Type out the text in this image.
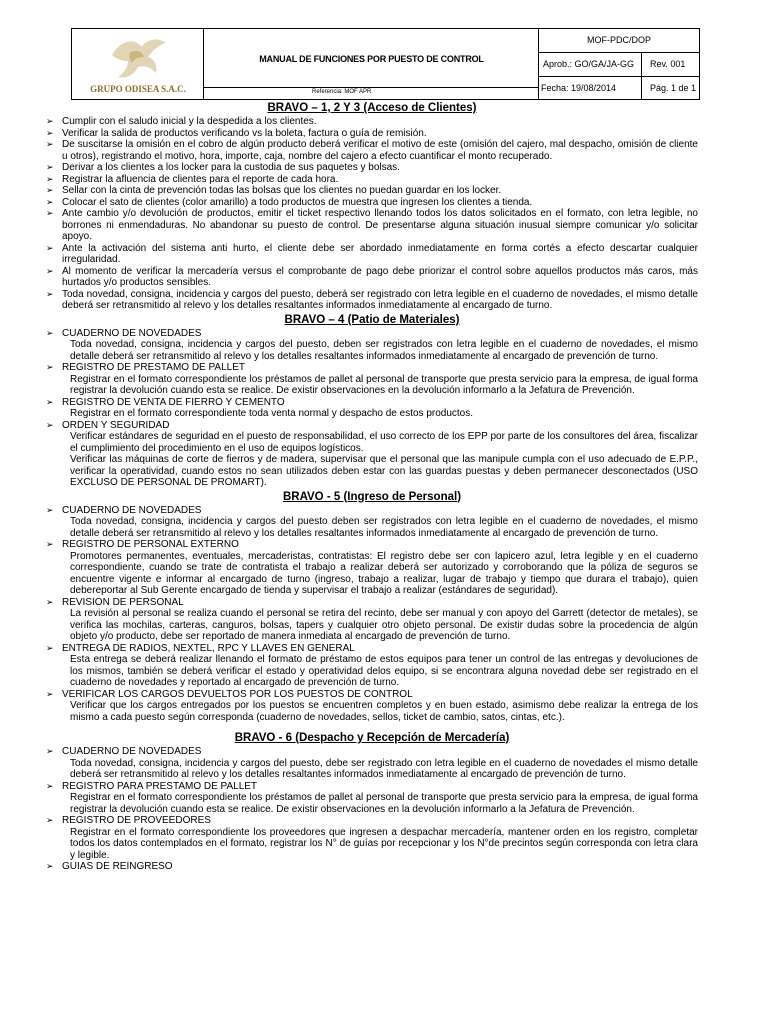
GRUPO ODISEA S.A.C.
MANUAL DE FUNCIONES POR PUESTO DE CONTROL
Referencia: MOF APR
MOF-PDC/DOP
Aprob.: GO/GA/JA-GG Rev. 001
Fecha: 19/08/2014	Pág. 1 de 1
BRAVO – 1, 2 Y 3 (Acceso de Clientes)
➢ Cumplir con el saludo inicial y la despedida a los clientes.
➢ Verificar la salida de productos verificando vs la boleta, factura o guía de remisión.
➢ De suscitarse la omisión en el cobro de algún producto deberá verificar el motivo de este (omisión del cajero, mal despacho, omisión de cliente u otros), registrando el motivo, hora, importe, caja, nombre del cajero a efecto cuantificar el monto recuperado.
➢ Derivar a los clientes a los locker para la custodia de sus paquetes y bolsas.
➢ Registrar la afluencia de clientes para el reporte de cada hora.
➢ Sellar con la cinta de prevención todas las bolsas que los clientes no puedan guardar en los locker.
➢ Colocar el sato de clientes (color amarillo) a todo productos de muestra que ingresen los clientes a tienda.
➢ Ante cambio y/o devolución de productos, emitir el ticket respectivo llenando todos los datos solicitados en el formato, con letra legible, no borrones ni enmendaduras. No abandonar su puesto de control. De presentarse alguna situación inusual siempre comunicar y/o solicitar apoyo.
➢ Ante la activación del sistema anti hurto, el cliente debe ser abordado inmediatamente en forma cortés a efecto descartar cualquier irregularidad.
➢ Al momento de verificar la mercadería versus el comprobante de pago debe priorizar el control sobre aquellos productos más caros, más hurtados y/o productos sensibles.
➢ Toda novedad, consigna, incidencia y cargos del puesto, deberá ser registrado con letra legible en el cuaderno de novedades, el mismo detalle deberá ser retransmitido al relevo y los detalles resaltantes informados inmediatamente al encargado de turno.
BRAVO – 4 (Patio de Materiales)
➢ CUADERNO DE NOVEDADES
Toda novedad, consigna, incidencia y cargos del puesto, deben ser registrados con letra legible en el cuaderno de novedades, el mismo detalle deberá ser retransmitido al relevo y los detalles resaltantes informados inmediatamente al encargado de prevención de turno.
➢ REGISTRO DE PRESTAMO DE PALLET
Registrar en el formato correspondiente los préstamos de pallet al personal de transporte que presta servicio para la empresa, de igual forma registrar la devolución cuando esta se realice. De existir observaciones en la devolución informarlo a la Jefatura de Prevención.
➢ REGISTRO DE VENTA DE FIERRO Y CEMENTO
Registrar en el formato correspondiente toda venta normal y despacho de estos productos.
➢ ORDEN Y SEGURIDAD
Verificar estándares de seguridad en el puesto de responsabilidad, el uso correcto de los EPP por parte de los consultores del área, fiscalizar el cumplimiento del procedimiento en el uso de equipos logísticos.
Verificar las máquinas de corte de fierros y de madera, supervisar que el personal que las manipule cumpla con el uso adecuado de E.P.P., verificar la operatividad, cuando estos no sean utilizados deben estar con las guardas puestas y deben permanecer desconectados (USO EXCLUSO DE PERSONAL DE PROMART).
BRAVO - 5 (Ingreso de Personal)
➢ CUADERNO DE NOVEDADES
Toda novedad, consigna, incidencia y cargos del puesto deben ser registrados con letra legible en el cuaderno de novedades, el mismo detalle deberá ser retransmitido al relevo y los detalles resaltantes informados inmediatamente al encargado de prevención de turno.
➢ REGISTRO DE PERSONAL EXTERNO
Promotores permanentes, eventuales, mercaderistas, contratistas: El registro debe ser con lapicero azul, letra legible y en el cuaderno correspondiente, cuando se trate de contratista el trabajo a realizar deberá ser autorizado y corroborando que la póliza de seguros se encuentre vigente e informar al encargado de turno (ingreso, trabajo a realizar, lugar de trabajo y tiempo que durara el trabajo), quien debereportar al Sub Gerente encargado de tienda y supervisar el trabajo a realizar (estándares de seguridad).
➢ REVISION DE PERSONAL
La revisión al personal se realiza cuando el personal se retira del recinto, debe ser manual y con apoyo del Garrett (detector de metales), se verifica las mochilas, carteras, canguros, bolsas, tapers y cualquier otro objeto personal. De existir dudas sobre la procedencia de algún objeto y/o producto, debe ser reportado de manera inmediata al encargado de prevención de turno.
➢ ENTREGA DE RADIOS, NEXTEL, RPC Y LLAVES EN GENERAL
Esta entrega se deberá realizar llenando el formato de préstamo de estos equipos para tener un control de las entregas y devoluciones de los mismos, también se deberá verificar el estado y operatividad delos equipo, si se encontrara alguna novedad debe ser registrado en el cuaderno de novedades y reportado al encargado de prevención de turno.
➢ VERIFICAR LOS CARGOS DEVUELTOS POR LOS PUESTOS DE CONTROL
Verificar que los cargos entregados por los puestos se encuentren completos y en buen estado, asimismo debe realizar la entrega de los mismo a cada puesto según corresponda (cuaderno de novedades, sellos, ticket de cambio, satos, cintas, etc.).
BRAVO - 6 (Despacho y Recepción de Mercadería)
➢ CUADERNO DE NOVEDADES
Toda novedad, consigna, incidencia y cargos del puesto, debe ser registrado con letra legible en el cuaderno de novedades el mismo detalle deberá ser retransmitido al relevo y los detalles resaltantes informados inmediatamente al encargado de prevención de turno.
➢ REGISTRO PARA PRESTAMO DE PALLET
Registrar en el formato correspondiente los préstamos de pallet al personal de transporte que presta servicio para la empresa, de igual forma registrar la devolución cuando esta se realice. De existir observaciones en la devolución informarlo a la Jefatura de Prevención.
➢ REGISTRO DE PROVEEDORES
Registrar en el formato correspondiente los proveedores que ingresen a despachar mercadería, mantener orden en los registro, completar todos los datos contemplados en el formato, registrar los N° de guías por recepcionar y los N°de precintos según corresponda con letra clara y legible.
➢ GUIAS DE REINGRESO
